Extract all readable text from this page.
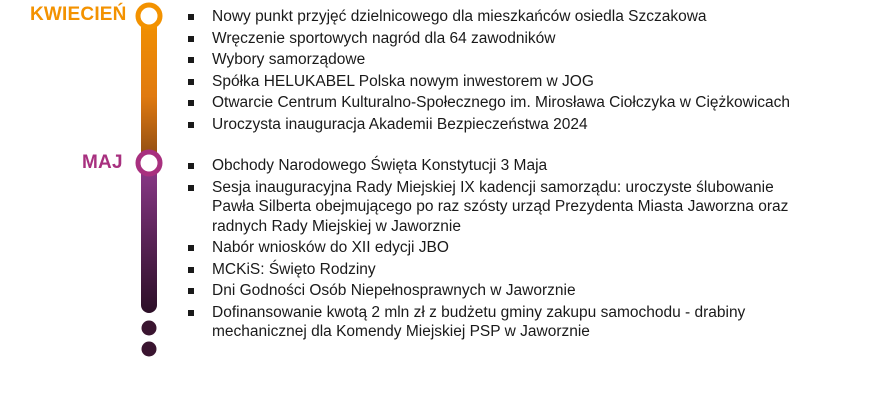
KWIECIEŃ
MAJ
Nowy punkt przyjęć dzielnicowego dla mieszkańców osiedla Szczakowa
Wręczenie sportowych nagród dla 64 zawodników
Wybory samorządowe
Spółka HELUKABEL Polska nowym inwestorem w JOG
Otwarcie Centrum Kulturalno-Społecznego im. Mirosława Ciołczyka w Ciężkowicach
Uroczysta inauguracja Akademii Bezpieczeństwa 2024
Obchody Narodowego Święta Konstytucji 3 Maja
Sesja inauguracyjna Rady Miejskiej IX kadencji samorządu: uroczyste ślubowanie Pawła Silberta obejmującego po raz szósty urząd Prezydenta Miasta Jaworzna oraz radnych Rady Miejskiej w Jaworznie
Nabór wniosków do XII edycji JBO
MCKiS: Święto Rodziny
Dni Godności Osób Niepełnosprawnych w Jaworznie
Dofinansowanie kwotą 2 mln zł z budżetu gminy zakupu samochodu - drabiny mechanicznej dla Komendy Miejskiej PSP w Jaworznie
